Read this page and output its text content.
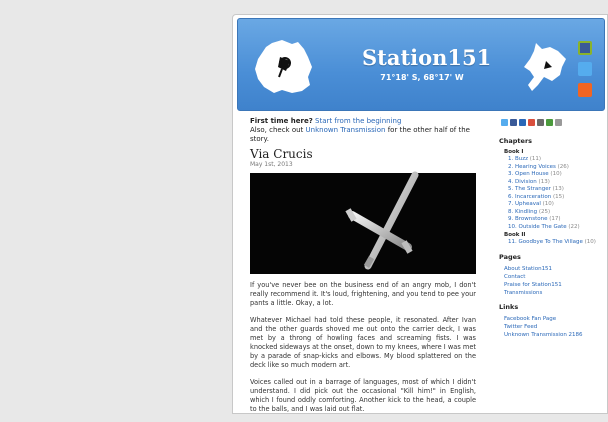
Station151
71°18' S, 68°17' W
First time here? Start from the beginning
Also, check out Unknown Transmission for the other half of the story.
Via Crucis
May 1st, 2013

If you've never bee on the business end of an angry mob, I don't really recommend it. It's loud, frightening, and you tend to pee your pants a little. Okay, a lot.

Whatever Michael had told these people, it resonated. After Ivan and the other guards shoved me out onto the carrier deck, I was met by a throng of howling faces and screaming fists. I was knocked sideways at the onset, down to my knees, where I was met by a parade of snap-kicks and elbows. My blood splattered on the deck like so much modern art.

Voices called out in a barrage of languages, most of which I didn't understand. I did pick out the occasional "Kill him!" in English, which I found oddly comforting. Another kick to the head, a couple to the balls, and I was laid out flat.

Chapters
Book I
1. Buzz (11)
2. Hearing Voices (26)
3. Open House (10)
4. Division (13)
5. The Stranger (13)
6. Incarceration (15)
7. Upheaval (10)
8. Kindling (25)
9. Brownstone (17)
10. Outside The Gate (22)
Book II
11. Goodbye To The Village (10)
Pages
About Station151
Contact
Praise for Station151
Transmissions
Links
Facebook Fan Page
Twitter Feed
Unknown Transmission 2186
